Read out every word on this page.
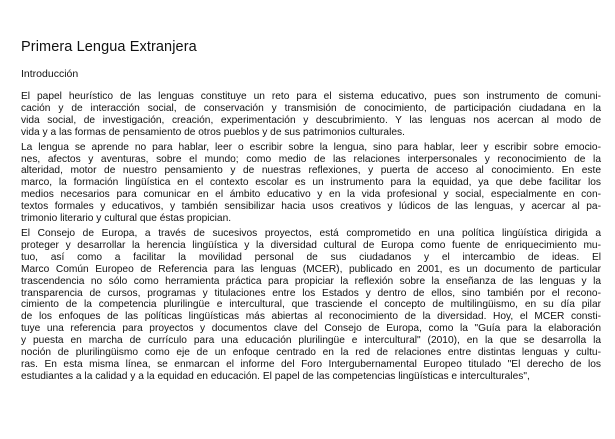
Primera Lengua Extranjera
Introducción
El papel heurístico de las lenguas constituye un reto para el sistema educativo, pues son instrumento de comuni-
cación y de interacción social, de conservación y transmisión de conocimiento, de participación ciudadana en la
vida social, de investigación, creación, experimentación y descubrimiento. Y las lenguas nos acercan al modo de
vida y a las formas de pensamiento de otros pueblos y de sus patrimonios culturales.
La lengua se aprende no para hablar, leer o escribir sobre la lengua, sino para hablar, leer y escribir sobre emocio-
nes, afectos y aventuras, sobre el mundo; como medio de las relaciones interpersonales y reconocimiento de la
alteridad, motor de nuestro pensamiento y de nuestras reflexiones, y puerta de acceso al conocimiento. En este
marco, la formación lingüística en el contexto escolar es un instrumento para la equidad, ya que debe facilitar los
medios necesarios para comunicar en el ámbito educativo y en la vida profesional y social, especialmente en con-
textos formales y educativos, y también sensibilizar hacia usos creativos y lúdicos de las lenguas, y acercar al pa-
trimonio literario y cultural que éstas propician.
El Consejo de Europa, a través de sucesivos proyectos, está comprometido en una política lingüística dirigida a
proteger y desarrollar la herencia lingüística y la diversidad cultural de Europa como fuente de enriquecimiento mu-
tuo, así como a facilitar la movilidad personal de sus ciudadanos y el intercambio de ideas. El
Marco Común Europeo de Referencia para las lenguas (MCER), publicado en 2001, es un documento de particular
trascendencia no sólo como herramienta práctica para propiciar la reflexión sobre la enseñanza de las lenguas y la
transparencia de cursos, programas y titulaciones entre los Estados y dentro de ellos, sino también por el recono-
cimiento de la competencia plurilingüe e intercultural, que trasciende el concepto de multilingüismo, en su día pilar
de los enfoques de las políticas lingüísticas más abiertas al reconocimiento de la diversidad. Hoy, el MCER consti-
tuye una referencia para proyectos y documentos clave del Consejo de Europa, como la "Guía para la elaboración
y puesta en marcha de currículo para una educación plurilingüe e intercultural" (2010), en la que se desarrolla la
noción de plurilingüismo como eje de un enfoque centrado en la red de relaciones entre distintas lenguas y cultu-
ras. En esta misma línea, se enmarcan el informe del Foro Intergubernamental Europeo titulado "El derecho de los
estudiantes a la calidad y a la equidad en educación. El papel de las competencias lingüísticas e interculturales",
